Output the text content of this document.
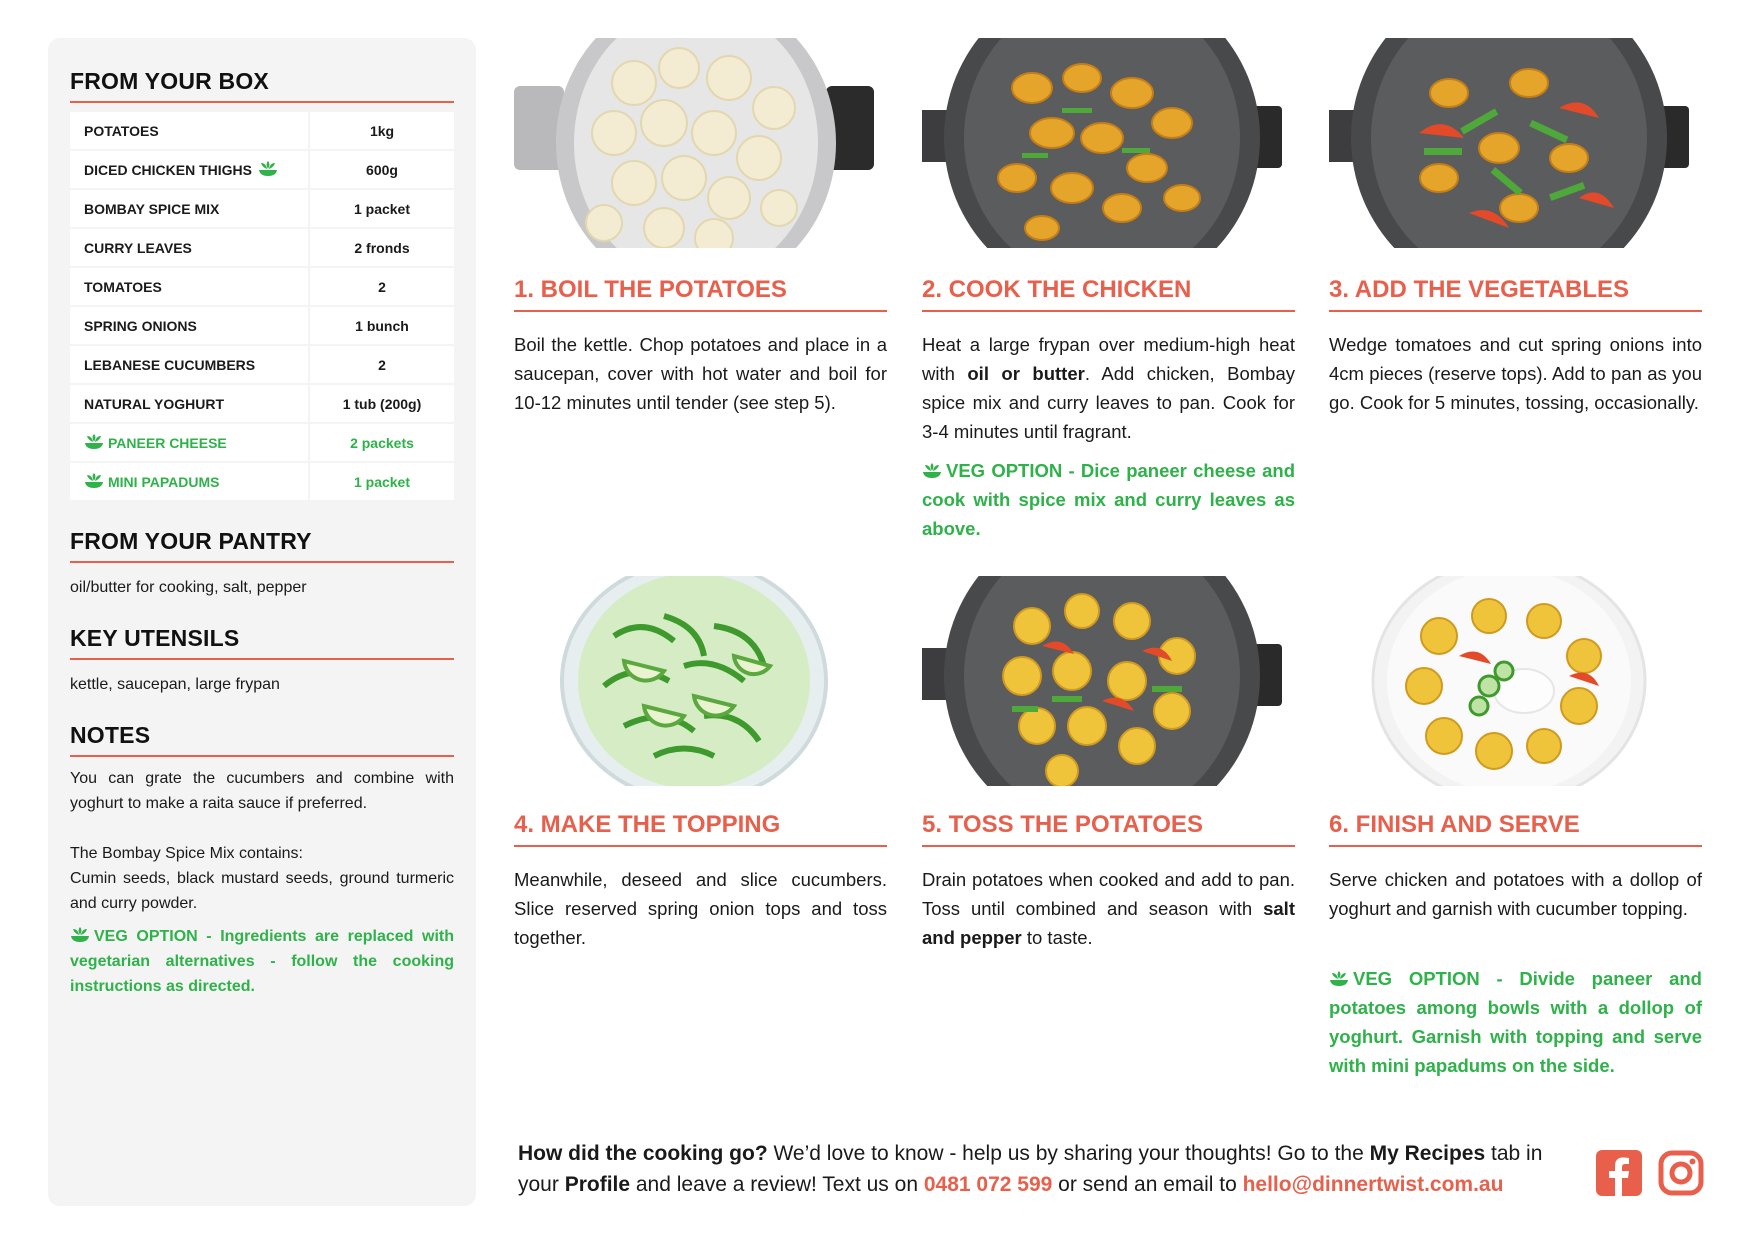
FROM YOUR BOX
POTATOES	1kg
DICED CHICKEN THIGHS	600g
BOMBAY SPICE MIX	1 packet
CURRY LEAVES	2 fronds
TOMATOES	2
SPRING ONIONS	1 bunch
LEBANESE CUCUMBERS	2
NATURAL YOGHURT	1 tub (200g)
PANEER CHEESE	2 packets
MINI PAPADUMS	1 packet
FROM YOUR PANTRY

oil/butter for cooking, salt, pepper

KEY UTENSILS

kettle, saucepan, large frypan

NOTES

You can grate the cucumbers and combine with yoghurt to make a raita sauce if preferred.

The Bombay Spice Mix contains:

Cumin seeds, black mustard seeds, ground turmeric and curry powder.

VEG OPTION - Ingredients are replaced with vegetarian alternatives - follow the cooking instructions as directed.

1. BOIL THE POTATOES

Boil the kettle. Chop potatoes and place in a saucepan, cover with hot water and boil for 10-12 minutes until tender (see step 5).

2. COOK THE CHICKEN

Heat a large frypan over medium-high heat with oil or butter. Add chicken, Bombay spice mix and curry leaves to pan. Cook for 3-4 minutes until fragrant.

VEG OPTION - Dice paneer cheese and cook with spice mix and curry leaves as above.

3. ADD THE VEGETABLES

Wedge tomatoes and cut spring onions into 4cm pieces (reserve tops). Add to pan as you go. Cook for 5 minutes, tossing, occasionally.

4. MAKE THE TOPPING

Meanwhile, deseed and slice cucumbers. Slice reserved spring onion tops and toss together.

5. TOSS THE POTATOES

Drain potatoes when cooked and add to pan. Toss until combined and season with salt and pepper to taste.

6. FINISH AND SERVE

Serve chicken and potatoes with a dollop of yoghurt and garnish with cucumber topping.

VEG OPTION - Divide paneer and potatoes among bowls with a dollop of yoghurt. Garnish with topping and serve with mini papadums on the side.

How did the cooking go? We’d love to know - help us by sharing your thoughts! Go to the My Recipes tab in your Profile and leave a review! Text us on 0481 072 599 or send an email to hello@dinnertwist.com.au
